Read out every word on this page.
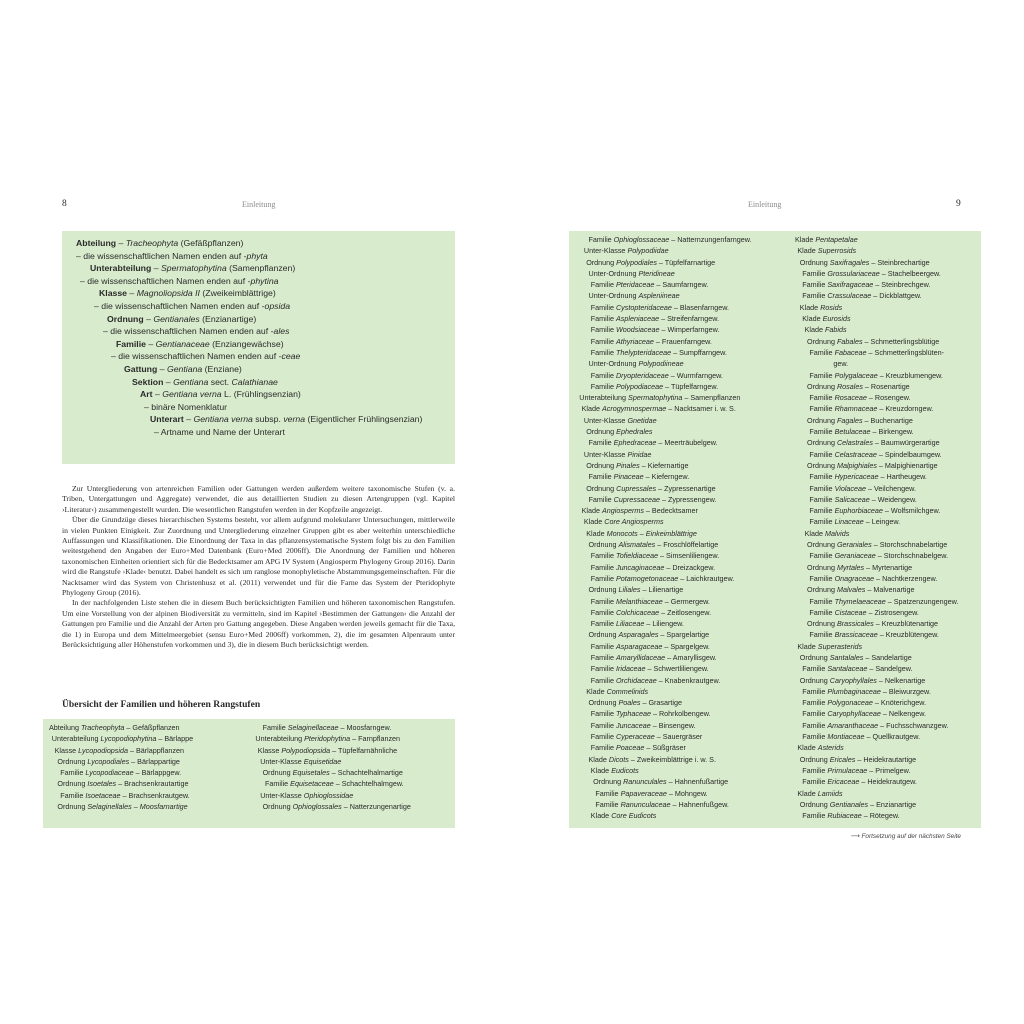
8	Einleitung
Abteilung – Tracheophyta (Gefäßpflanzen)
– die wissenschaftlichen Namen enden auf -phyta
Unterabteilung – Spermatophytina (Samenpflanzen)
– die wissenschaftlichen Namen enden auf -phytina
Klasse – Magnoliopsida II (Zweikeimblättrige)
– die wissenschaftlichen Namen enden auf -opsida
Ordnung – Gentianales (Enzianartige)
– die wissenschaftlichen Namen enden auf -ales
Familie – Gentianaceae (Enziangewächse)
– die wissenschaftlichen Namen enden auf -ceae
Gattung – Gentiana (Enziane)
Sektion – Gentiana sect. Calathianae
Art – Gentiana verna L. (Frühlingsenzian)
– binäre Nomenklatur
Unterart – Gentiana verna subsp. verna (Eigentlicher Frühlingsenzian)
– Artname und Name der Unterart

Zur Untergliederung von artenreichen Familien oder Gattungen werden außerdem weitere taxonomische Stufen (v. a. Triben, Untergattungen und Aggregate) verwendet, die aus detaillierten Studien zu diesen Artengruppen (vgl. Kapitel ›Literatur‹) zusammengestellt wurden. Die wesentlichen Rangstufen werden in der Kopfzeile angezeigt.

Über die Grundzüge dieses hierarchischen Systems besteht, vor allem aufgrund molekularer Untersuchungen, mittlerweile in vielen Punkten Einigkeit. Zur Zuordnung und Untergliederung einzelner Gruppen gibt es aber weiterhin unterschiedliche Auffassungen und Klassifikationen. Die Einordnung der Taxa in das pflanzensystematische System folgt bis zu den Familien weitestgehend den Angaben der Euro+Med Datenbank (Euro+Med 2006ff). Die Anordnung der Familien und höheren taxonomischen Einheiten orientiert sich für die Bedecktsamer am APG IV System (Angiosperm Phylogeny Group 2016). Darin wird die Rangstufe ›Klade‹ benutzt. Dabei handelt es sich um ranglose monophyletische Abstammungsgemeinschaften. Für die Nacktsamer wird das System von Christenhusz et al. (2011) verwendet und für die Farne das System der Pteridophyte Phylogeny Group (2016).

In der nachfolgenden Liste stehen die in diesem Buch berücksichtigten Familien und höheren taxonomischen Rangstufen. Um eine Vorstellung von der alpinen Biodiversität zu vermitteln, sind im Kapitel ›Bestimmen der Gattungen‹ die Anzahl der Gattungen pro Familie und die Anzahl der Arten pro Gattung angegeben. Diese Angaben werden jeweils gemacht für die Taxa, die 1) in Europa und dem Mittelmeergebiet (sensu Euro+Med 2006ff) vorkommen, 2), die im gesamten Alpenraum unter Berücksichtigung aller Höhenstufen vorkommen und 3), die in diesem Buch berücksichtigt werden.

Übersicht der Familien und höheren Rangstufen
Abteilung Tracheophyta – Gefäßpflanzen
Unterabteilung Lycopodiophytina – Bärlappe
Klasse Lycopodiopsida – Bärlappflanzen
Ordnung Lycopodiales – Bärlappartige
Familie Lycopodiaceae – Bärlappgew.
Ordnung Isoetales – Brachsenkrautartige
Familie Isoetaceae – Brachsenkrautgew.
Ordnung Selaginellales – Moosfarnartige
Familie Selaginellaceae – Moosfarngew.
Unterabteilung Pteridophytina – Farnpflanzen
Klasse Polypodiopsida – Tüpfelfarnähnliche
Unter-Klasse Equisetidae
Ordnung Equisetales – Schachtelhalmartige
Familie Equisetaceae – Schachtelhalmgew.
Unter-Klasse Ophioglossidae
Ordnung Ophioglossales – Natterzungenartige
Einleitung	9
Familie Ophioglossaceae – Natternzungenfarngew.
Unter-Klasse Polypodiidae
Ordnung Polypodiales – Tüpfelfarnartige
Unter-Ordnung Pteridineae
Familie Pteridaceae – Saumfarngew.
Unter-Ordnung Aspleniineae
Familie Cystopteridaceae – Blasenfarngew.
Familie Aspleniaceae – Streifenfarngew.
Familie Woodsiaceae – Wimperfarngew.
Familie Athyriaceae – Frauenfarngew.
Familie Thelypteridaceae – Sumpffarngew.
Unter-Ordnung Polypodiineae
Familie Dryopteridaceae – Wurmfarngew.
Familie Polypodiaceae – Tüpfelfarngew.
Unterabteilung Spermatophytina – Samenpflanzen
Klade Acrogymnospermae – Nacktsamer i. w. S.
Unter-Klasse Gnetidae
Ordnung Ephedrales
Familie Ephedraceae – Meerträubelgew.
Unter-Klasse Pinidae
Ordnung Pinales – Kiefernartige
Familie Pinaceae – Kieferngew.
Ordnung Cupressales – Zypressenartige
Familie Cupressaceae – Zypressengew.
Klade Angiosperms – Bedecktsamer
Klade Core Angiosperms
Klade Monocots – Einkeimblättrige
Ordnung Alismatales – Froschlöffelartige
Familie Tofieldiaceae – Simsenliliengew.
Familie Juncaginaceae – Dreizackgew.
Familie Potamogetonaceae – Laichkrautgew.
Ordnung Liliales – Lilienartige
Familie Melanthiaceae – Germergew.
Familie Colchicaceae – Zeitlosengew.
Familie Liliaceae – Liliengew.
Ordnung Asparagales – Spargelartige
Familie Asparagaceae – Spargelgew.
Familie Amaryllidaceae – Amaryllisgew.
Familie Iridaceae – Schwertliliengew.
Familie Orchidaceae – Knabenkrautgew.
Klade Commelinids
Ordnung Poales – Grasartige
Familie Typhaceae – Rohrkolbengew.
Familie Juncaceae – Binsengew.
Familie Cyperaceae – Sauergräser
Familie Poaceae – Süßgräser
Klade Dicots – Zweikeimblättrige i. w. S.
Klade Eudicots
Ordnung Ranunculales – Hahnenfußartige
Familie Papaveraceae – Mohngew.
Familie Ranunculaceae – Hahnenfußgew.
Klade Core Eudicots
Klade Pentapetalae
Klade Superrosids
Ordnung Saxifragales – Steinbrechartige
Familie Grossulariaceae – Stachelbeergew.
Familie Saxifragaceae – Steinbrechgew.
Familie Crassulaceae – Dickblattgew.
Klade Rosids
Klade Eurosids
Klade Fabids
Ordnung Fabales – Schmetterlingsblütige
Familie Fabaceae – Schmetterlingsblüten-
gew.
Familie Polygalaceae – Kreuzblumengew.
Ordnung Rosales – Rosenartige
Familie Rosaceae – Rosengew.
Familie Rhamnaceae – Kreuzdorngew.
Ordnung Fagales – Buchenartige
Familie Betulaceae – Birkengew.
Ordnung Celastrales – Baumwürgerartige
Familie Celastraceae – Spindelbaumgew.
Ordnung Malpighiales – Malpighienartige
Familie Hypericaceae – Hartheugew.
Familie Violaceae – Veilchengew.
Familie Salicaceae – Weidengew.
Familie Euphorbiaceae – Wolfsmilchgew.
Familie Linaceae – Leingew.
Klade Malvids
Ordnung Geraniales – Storchschnabelartige
Familie Geraniaceae – Storchschnabelgew.
Ordnung Myrtales – Myrtenartige
Familie Onagraceae – Nachtkerzengew.
Ordnung Malvales – Malvenartige
Familie Thymelaeaceae – Spatzenzungengew.
Familie Cistaceae – Zistrosengew.
Ordnung Brassicales – Kreuzblütenartige
Familie Brassicaceae – Kreuzblütengew.
Klade Superasterids
Ordnung Santalales – Sandelartige
Familie Santalaceae – Sandelgew.
Ordnung Caryophyllales – Nelkenartige
Familie Plumbaginaceae – Bleiwurzgew.
Familie Polygonaceae – Knöterichgew.
Familie Caryophyllaceae – Nelkengew.
Familie Amaranthaceae – Fuchsschwanzgew.
Familie Montiaceae – Quellkrautgew.
Klade Asterids
Ordnung Ericales – Heidekrautartige
Familie Primulaceae – Primelgew.
Familie Ericaceae – Heidekrautgew.
Klade Lamiids
Ordnung Gentianales – Enzianartige
Familie Rubiaceae – Rötegew.
⟶ Fortsetzung auf der nächsten Seite
